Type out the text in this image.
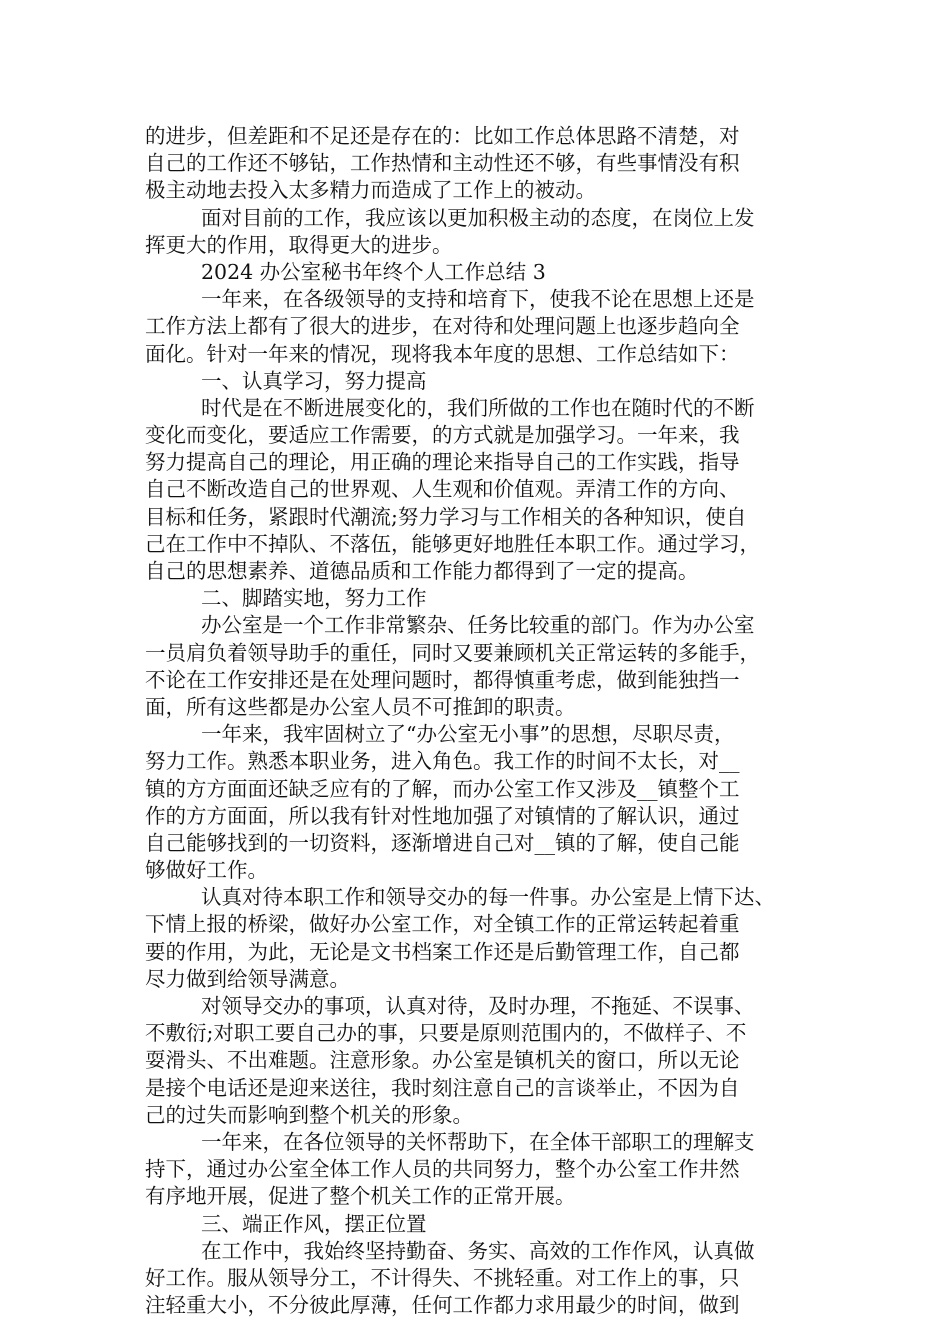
的进步，但差距和不足还是存在的：比如工作总体思路不清楚，对
自己的工作还不够钻，工作热情和主动性还不够，有些事情没有积
极主动地去投入太多精力而造成了工作上的被动。

面对目前的工作，我应该以更加积极主动的态度，在岗位上发
挥更大的作用，取得更大的进步。

2024 办公室秘书年终个人工作总结 3

一年来，在各级领导的支持和培育下，使我不论在思想上还是
工作方法上都有了很大的进步，在对待和处理问题上也逐步趋向全
面化。针对一年来的情况，现将我本年度的思想、工作总结如下：

一、认真学习，努力提高

时代是在不断进展变化的，我们所做的工作也在随时代的不断
变化而变化，要适应工作需要，的方式就是加强学习。一年来，我
努力提高自己的理论，用正确的理论来指导自己的工作实践，指导
自己不断改造自己的世界观、人生观和价值观。弄清工作的方向、
目标和任务，紧跟时代潮流;努力学习与工作相关的各种知识，使自
己在工作中不掉队、不落伍，能够更好地胜任本职工作。通过学习，
自己的思想素养、道德品质和工作能力都得到了一定的提高。

二、脚踏实地，努力工作

办公室是一个工作非常繁杂、任务比较重的部门。作为办公室
一员肩负着领导助手的重任，同时又要兼顾机关正常运转的多能手，
不论在工作安排还是在处理问题时，都得慎重考虑，做到能独挡一
面，所有这些都是办公室人员不可推卸的职责。

一年来，我牢固树立了“办公室无小事”的思想，尽职尽责，
努力工作。熟悉本职业务，进入角色。我工作的时间不太长，对__
镇的方方面面还缺乏应有的了解，而办公室工作又涉及__镇整个工
作的方方面面，所以我有针对性地加强了对镇情的了解认识，通过
自己能够找到的一切资料，逐渐增进自己对__镇的了解，使自己能
够做好工作。

认真对待本职工作和领导交办的每一件事。办公室是上情下达、
下情上报的桥梁，做好办公室工作，对全镇工作的正常运转起着重
要的作用，为此，无论是文书档案工作还是后勤管理工作，自己都
尽力做到给领导满意。

对领导交办的事项，认真对待，及时办理，不拖延、不误事、
不敷衍;对职工要自己办的事，只要是原则范围内的，不做样子、不
耍滑头、不出难题。注意形象。办公室是镇机关的窗口，所以无论
是接个电话还是迎来送往，我时刻注意自己的言谈举止，不因为自
己的过失而影响到整个机关的形象。

一年来，在各位领导的关怀帮助下，在全体干部职工的理解支
持下，通过办公室全体工作人员的共同努力，整个办公室工作井然
有序地开展，促进了整个机关工作的正常开展。

三、端正作风，摆正位置

在工作中，我始终坚持勤奋、务实、高效的工作作风，认真做
好工作。服从领导分工，不计得失、不挑轻重。对工作上的事，只
注轻重大小，不分彼此厚薄，任何工作都力求用最少的时间，做到
